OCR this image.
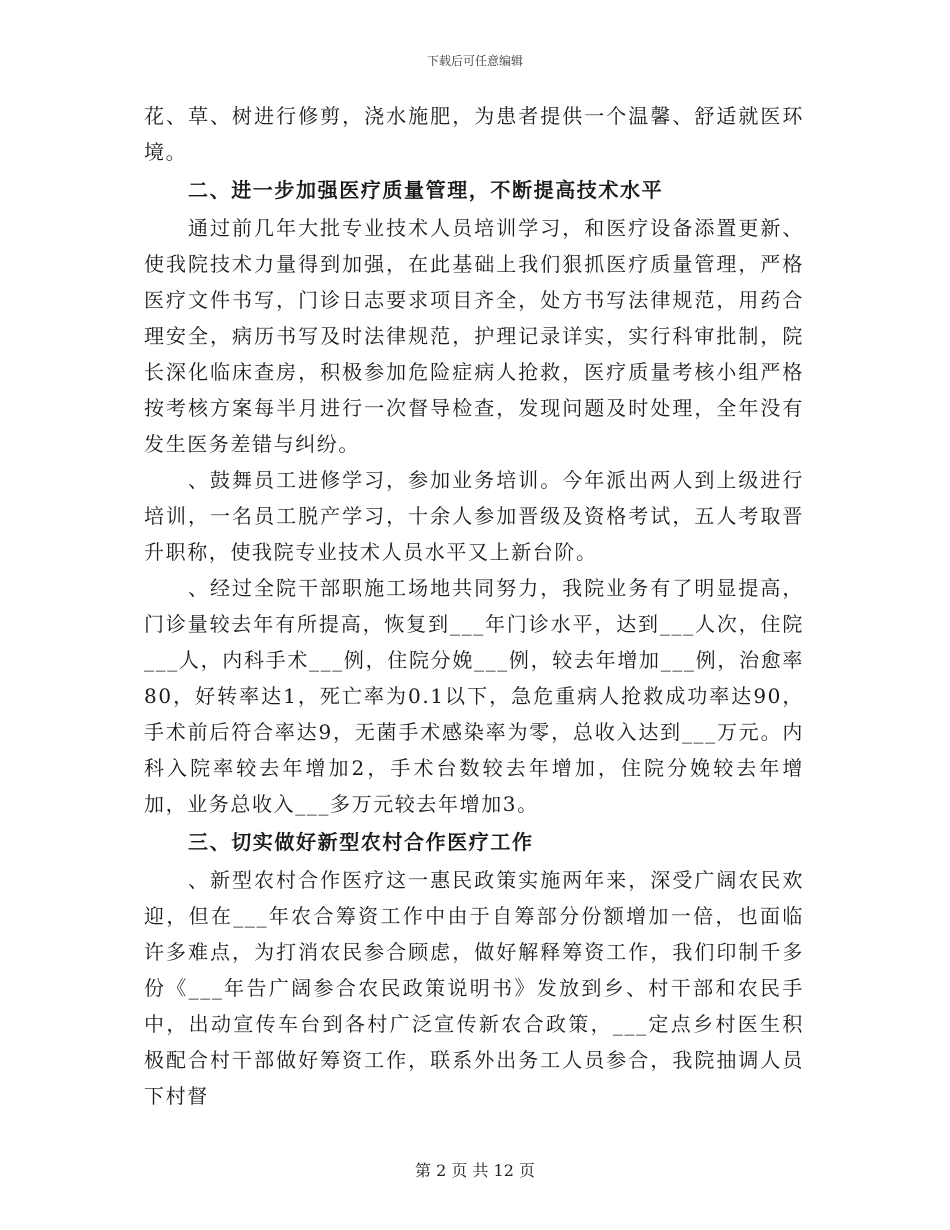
下载后可任意编辑

花、草、树进行修剪，浇水施肥，为患者提供一个温馨、舒适就医环境。

二、进一步加强医疗质量管理，不断提高技术水平

通过前几年大批专业技术人员培训学习，和医疗设备添置更新、使我院技术力量得到加强，在此基础上我们狠抓医疗质量管理，严格医疗文件书写，门诊日志要求项目齐全，处方书写法律规范，用药合理安全，病历书写及时法律规范，护理记录详实，实行科审批制，院长深化临床查房，积极参加危险症病人抢救，医疗质量考核小组严格按考核方案每半月进行一次督导检查，发现问题及时处理，全年没有发生医务差错与纠纷。

、鼓舞员工进修学习，参加业务培训。今年派出两人到上级进行培训，一名员工脱产学习，十余人参加晋级及资格考试，五人考取晋升职称，使我院专业技术人员水平又上新台阶。

、经过全院干部职施工场地共同努力，我院业务有了明显提高，门诊量较去年有所提高，恢复到___年门诊水平，达到___人次，住院___人，内科手术___例，住院分娩___例，较去年增加___例，治愈率80，好转率达1，死亡率为0.1以下，急危重病人抢救成功率达90，手术前后符合率达9，无菌手术感染率为零，总收入达到___万元。内科入院率较去年增加2，手术台数较去年增加，住院分娩较去年增加，业务总收入___多万元较去年增加3。

三、切实做好新型农村合作医疗工作

、新型农村合作医疗这一惠民政策实施两年来，深受广阔农民欢迎，但在___年农合筹资工作中由于自筹部分份额增加一倍，也面临许多难点，为打消农民参合顾虑，做好解释筹资工作，我们印制千多份《___年告广阔参合农民政策说明书》发放到乡、村干部和农民手中，出动宣传车台到各村广泛宣传新农合政策，___定点乡村医生积极配合村干部做好筹资工作，联系外出务工人员参合，我院抽调人员下村督

第 2 页 共 12 页
